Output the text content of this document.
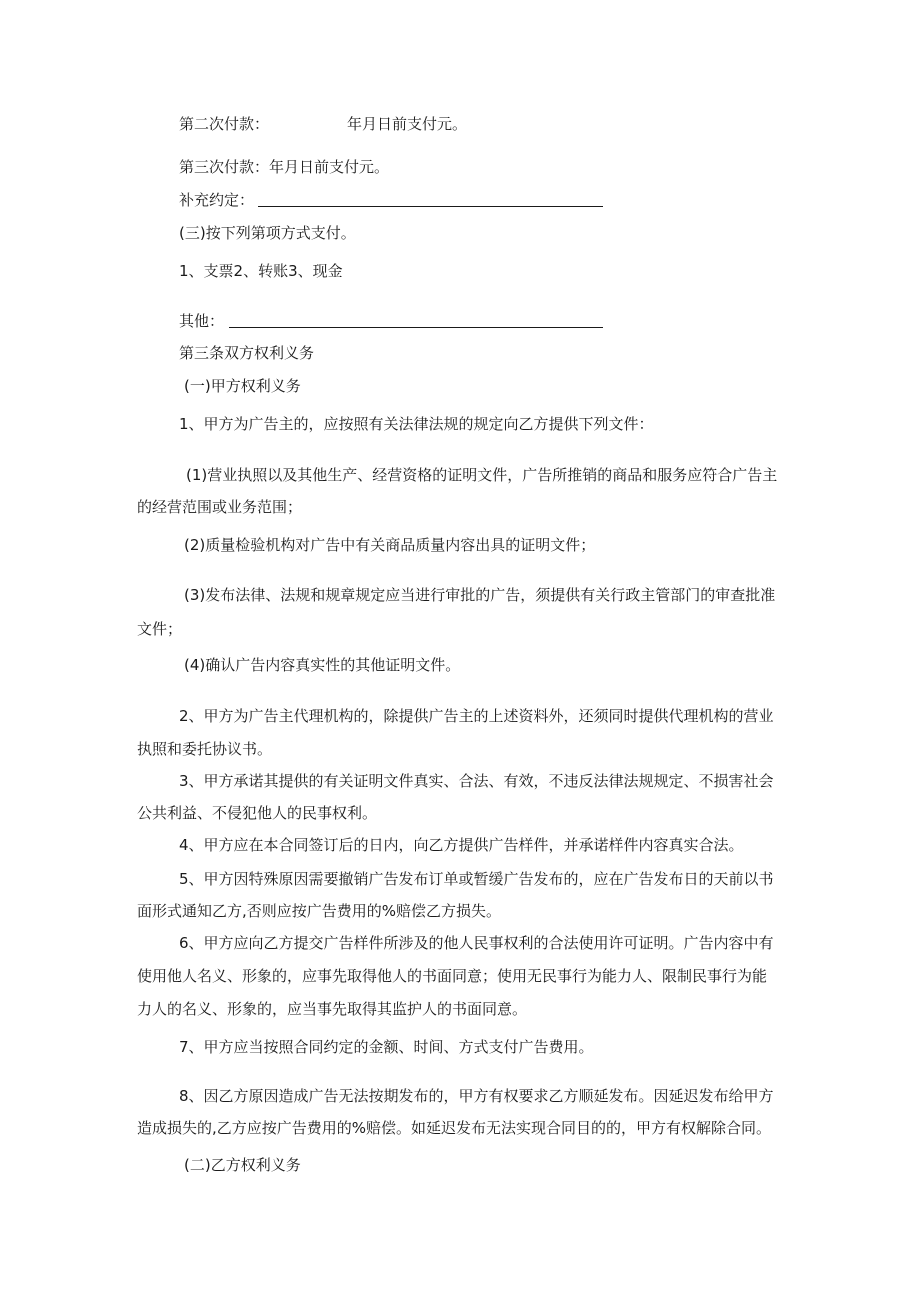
第二次付款：	年月日前支付元。

第三次付款：年月日前支付元。

补充约定：

(三)按下列第项方式支付。

1、支票2、转账3、现金

其他：

第三条双方权利义务

(一)甲方权利义务

1、甲方为广告主的，应按照有关法律法规的规定向乙方提供下列文件：

(1)营业执照以及其他生产、经营资格的证明文件，广告所推销的商品和服务应符合广告主

的经营范围或业务范围；

(2)质量检验机构对广告中有关商品质量内容出具的证明文件；

(3)发布法律、法规和规章规定应当进行审批的广告，须提供有关行政主管部门的审查批准

文件；

(4)确认广告内容真实性的其他证明文件。

2、甲方为广告主代理机构的，除提供广告主的上述资料外，还须同时提供代理机构的营业

执照和委托协议书。

3、甲方承诺其提供的有关证明文件真实、合法、有效，不违反法律法规规定、不损害社会

公共利益、不侵犯他人的民事权利。

4、甲方应在本合同签订后的日内，向乙方提供广告样件，并承诺样件内容真实合法。

5、甲方因特殊原因需要撤销广告发布订单或暂缓广告发布的，应在广告发布日的天前以书

面形式通知乙方,否则应按广告费用的%赔偿乙方损失。

6、甲方应向乙方提交广告样件所涉及的他人民事权利的合法使用许可证明。广告内容中有

使用他人名义、形象的，应事先取得他人的书面同意；使用无民事行为能力人、限制民事行为能

力人的名义、形象的，应当事先取得其监护人的书面同意。

7、甲方应当按照合同约定的金额、时间、方式支付广告费用。

8、因乙方原因造成广告无法按期发布的，甲方有权要求乙方顺延发布。因延迟发布给甲方

造成损失的,乙方应按广告费用的%赔偿。如延迟发布无法实现合同目的的，甲方有权解除合同。

(二)乙方权利义务
